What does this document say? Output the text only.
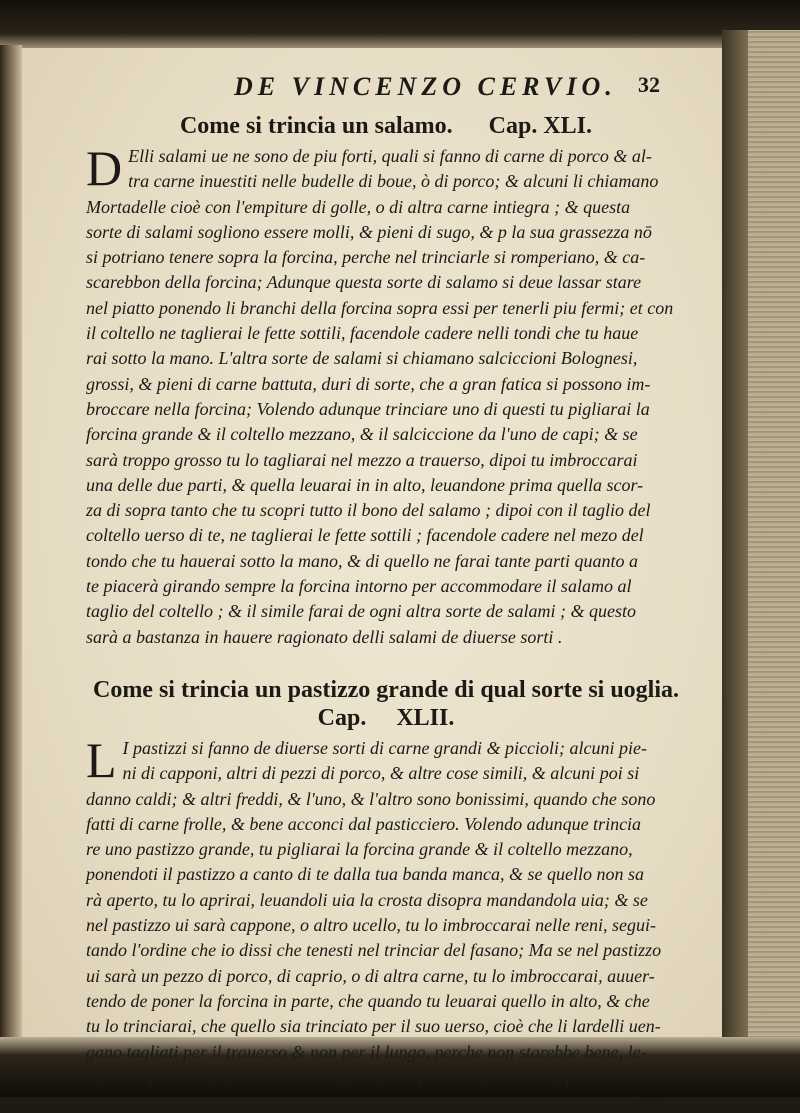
DE VINCENZO CERVIO. 32
Come si trincia un salamo. Cap. XLI.
D Elli salami ue ne sono de piu forti, quali si fanno di carne di porco & al-

tra carne inuestiti nelle budelle di boue, ò di porco; & alcuni li chiamano

Mortadelle cioè con l'empiture di golle, o di altra carne intiegra ; & questa

sorte di salami sogliono essere molli, & pieni di sugo, & p la sua grassezza nō

si potriano tenere sopra la forcina, perche nel trinciarle si romperiano, & ca-

scarebbon della forcina; Adunque questa sorte di salamo si deue lassar stare

nel piatto ponendo li branchi della forcina sopra essi per tenerli piu fermi; et con

il coltello ne taglierai le fette sottili, facendole cadere nelli tondi che tu haue

rai sotto la mano. L'altra sorte de salami si chiamano salciccioni Bolognesi,

grossi, & pieni di carne battuta, duri di sorte, che a gran fatica si possono im-

broccare nella forcina; Volendo adunque trinciare uno di questi tu pigliarai la

forcina grande & il coltello mezzano, & il salciccione da l'uno de capi; & se

sarà troppo grosso tu lo tagliarai nel mezzo a trauerso, dipoi tu imbroccarai

una delle due parti, & quella leuarai in in alto, leuandone prima quella scor-

za di sopra tanto che tu scopri tutto il bono del salamo ; dipoi con il taglio del

coltello uerso di te, ne taglierai le fette sottili ; facendole cadere nel mezo del

tondo che tu hauerai sotto la mano, & di quello ne farai tante parti quanto a

te piacerà girando sempre la forcina intorno per accommodare il salamo al

taglio del coltello ; & il simile farai de ogni altra sorte de salami ; & questo

sarà a bastanza in hauere ragionato delli salami de diuerse sorti .

Come si trincia un pastizzo grande di qual sorte si uoglia.
Cap. XLII.
L I pastizzi si fanno de diuerse sorti di carne grandi & piccioli; alcuni pie-

ni di capponi, altri di pezzi di porco, & altre cose simili, & alcuni poi si

danno caldi; & altri freddi, & l'uno, & l'altro sono bonissimi, quando che sono

fatti di carne frolle, & bene acconci dal pasticciero. Volendo adunque trincia

re uno pastizzo grande, tu pigliarai la forcina grande & il coltello mezzano,

ponendoti il pastizzo a canto di te dalla tua banda manca, & se quello non sa

rà aperto, tu lo aprirai, leuandoli uia la crosta disopra mandandola uia; & se

nel pastizzo ui sarà cappone, o altro ucello, tu lo imbroccarai nelle reni, segui-

tando l'ordine che io dissi che tenesti nel trinciar del fasano; Ma se nel pastizzo

ui sarà un pezzo di porco, di caprio, o di altra carne, tu lo imbroccarai, auuer-

tendo de poner la forcina in parte, che quando tu leuarai quello in alto, & che

tu lo trinciarai, che quello sia trinciato per il suo uerso, cioè che li lardelli uen-

gano tagliati per il trauerso & non per il lungo, perche non starebbe bene, le-

uandolo poi con gratia in alto ne taglierai di quello le fette sottili, facendone ca

dere
